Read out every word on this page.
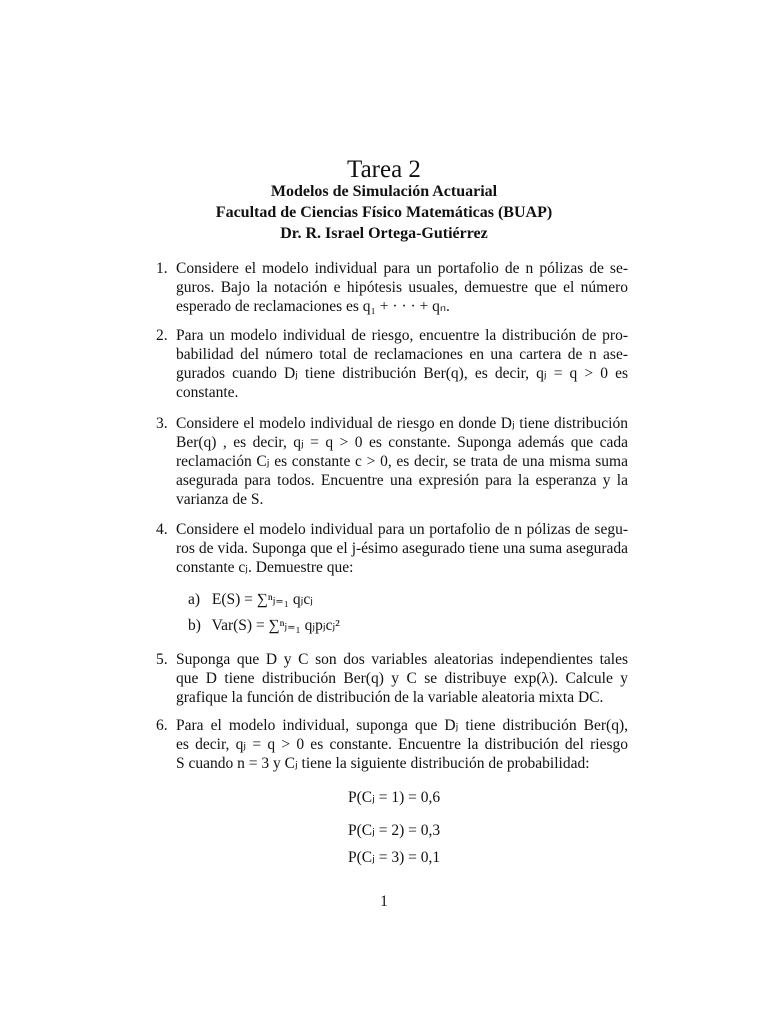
Tarea 2
Modelos de Simulación Actuarial
Facultad de Ciencias Físico Matemáticas (BUAP)
Dr. R. Israel Ortega-Gutiérrez
1. Considere el modelo individual para un portafolio de n pólizas de se-
guros. Bajo la notación e hipótesis usuales, demuestre que el número
esperado de reclamaciones es q₁ + · · · + qₙ.
2. Para un modelo individual de riesgo, encuentre la distribución de pro-
babilidad del número total de reclamaciones en una cartera de n ase-
gurados cuando Dⱼ tiene distribución Ber(q), es decir, qⱼ = q > 0 es
constante.
3. Considere el modelo individual de riesgo en donde Dⱼ tiene distribución
Ber(q) , es decir, qⱼ = q > 0 es constante. Suponga además que cada
reclamación Cⱼ es constante c > 0, es decir, se trata de una misma suma
asegurada para todos. Encuentre una expresión para la esperanza y la
varianza de S.
4. Considere el modelo individual para un portafolio de n pólizas de segu-
ros de vida. Suponga que el j-ésimo asegurado tiene una suma asegurada
constante cⱼ. Demuestre que:
a) E(S) = ∑ⁿⱼ₌₁ qⱼcⱼ
b) Var(S) = ∑ⁿⱼ₌₁ qⱼpⱼcⱼ²
5. Suponga que D y C son dos variables aleatorias independientes tales
que D tiene distribución Ber(q) y C se distribuye exp(λ). Calcule y
grafique la función de distribución de la variable aleatoria mixta DC.
6. Para el modelo individual, suponga que Dⱼ tiene distribución Ber(q),
es decir, qⱼ = q > 0 es constante. Encuentre la distribución del riesgo
S cuando n = 3 y Cⱼ tiene la siguiente distribución de probabilidad:
P(Cⱼ = 1) = 0,6
P(Cⱼ = 2) = 0,3
P(Cⱼ = 3) = 0,1
1
